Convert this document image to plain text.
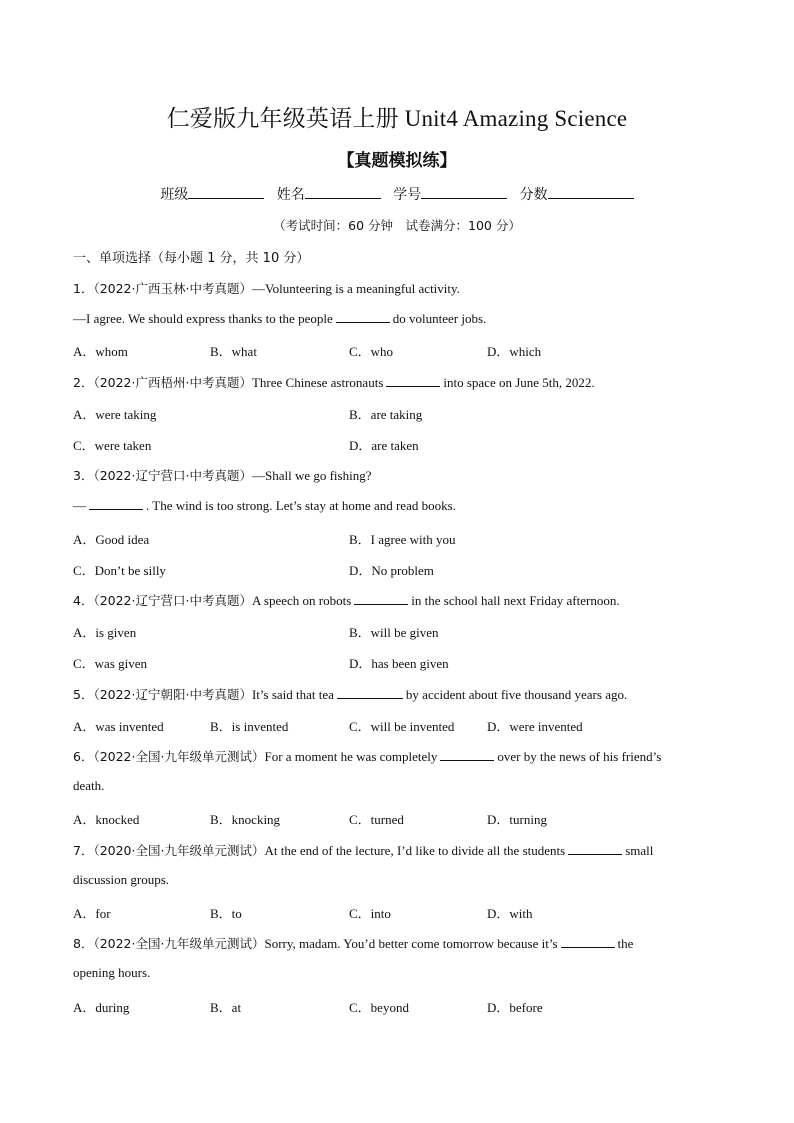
仁爱版九年级英语上册 Unit4 Amazing Science
【真题模拟练】
班级	姓名	学号	分数
（考试时间：60 分钟　试卷满分：100 分）
一、单项选择（每小题 1 分，共 10 分）
1．（2022·广西玉林·中考真题）—Volunteering is a meaningful activity.
—I agree. We should express thanks to the people	do volunteer jobs.
A．whom	B．what	C．who	D．which
2．（2022·广西梧州·中考真题）Three Chinese astronauts	into space on June 5th, 2022.
A．were taking	B．are taking
C．were taken	D．are taken
3．（2022·辽宁营口·中考真题）—Shall we go fishing?
—	. The wind is too strong. Let’s stay at home and read books.
A．Good idea	B．I agree with you
C．Don’t be silly	D．No problem
4．（2022·辽宁营口·中考真题）A speech on robots	in the school hall next Friday afternoon.
A．is given	B．will be given
C．was given	D．has been given
5．（2022·辽宁朝阳·中考真题）It’s said that tea	by accident about five thousand years ago.
A．was invented	B．is invented	C．will be invented	D．were invented
6．（2022·全国·九年级单元测试）For a moment he was completely	over by the news of his friend’s
death.
A．knocked	B．knocking	C．turned	D．turning
7．（2020·全国·九年级单元测试）At the end of the lecture, I’d like to divide all the students	small
discussion groups.
A．for	B．to	C．into	D．with
8．（2022·全国·九年级单元测试）Sorry, madam. You’d better come tomorrow because it’s	the
opening hours.
A．during	B．at	C．beyond	D．before
